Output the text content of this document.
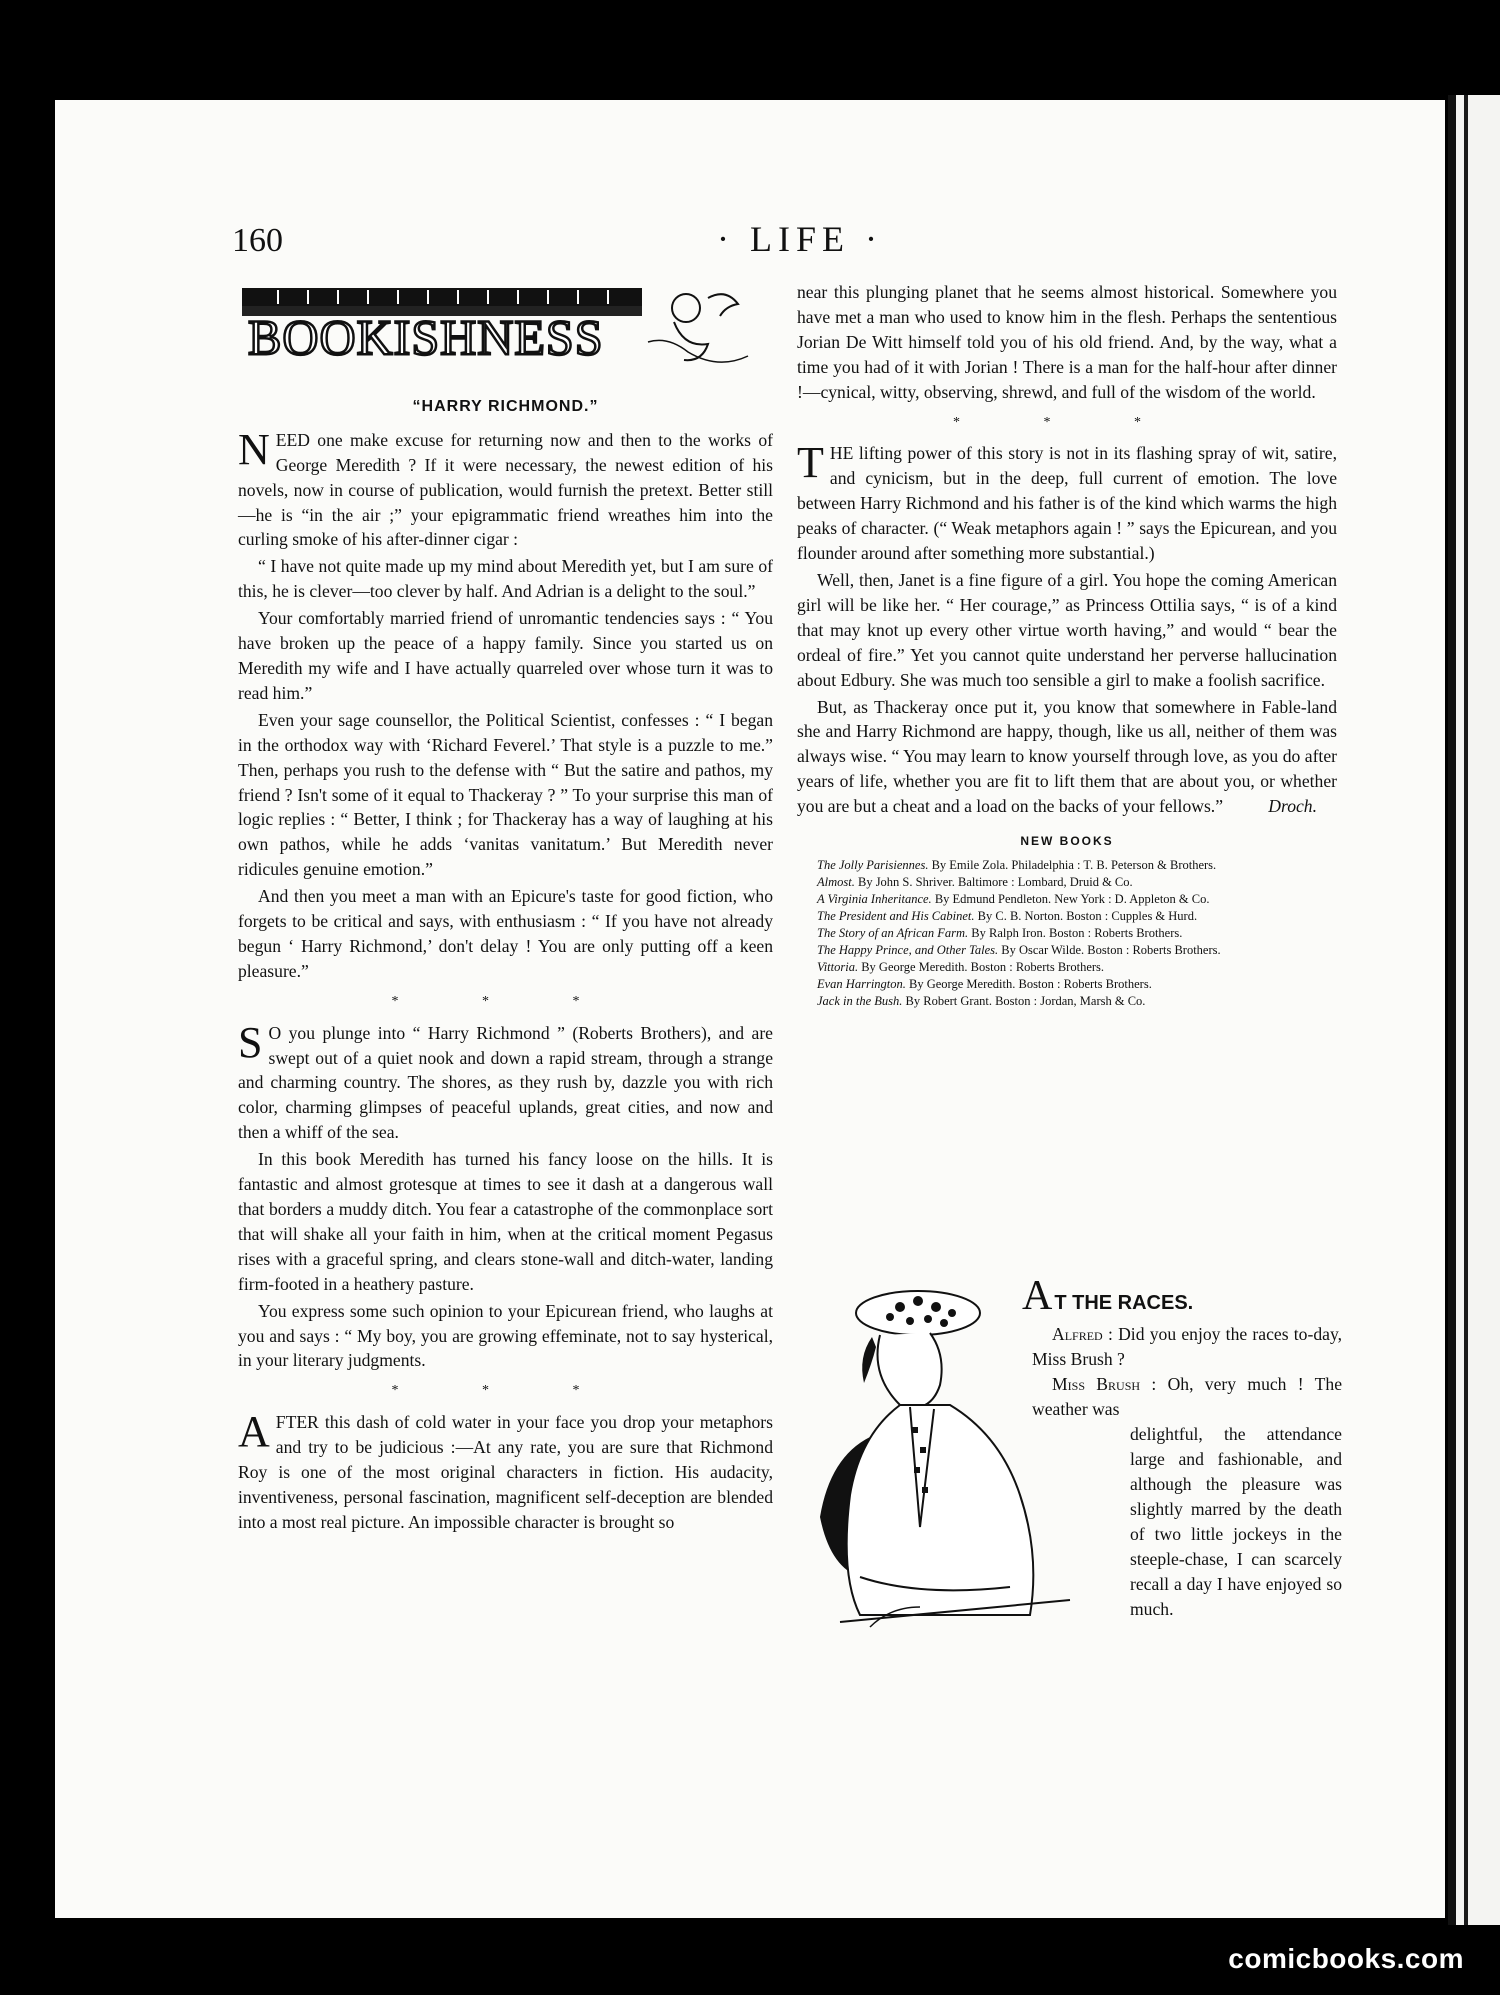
160	· LIFE ·
BOOKISHNESS
“HARRY RICHMOND.”

NEED one make excuse for returning now and then to the works of George Meredith ? If it were necessary, the newest edition of his novels, now in course of publication, would furnish the pretext. Better still—he is “in the air ;” your epigrammatic friend wreathes him into the curling smoke of his after-dinner cigar :

“ I have not quite made up my mind about Meredith yet, but I am sure of this, he is clever—too clever by half. And Adrian is a delight to the soul.”

Your comfortably married friend of unromantic tendencies says : “ You have broken up the peace of a happy family. Since you started us on Meredith my wife and I have actually quarreled over whose turn it was to read him.”

Even your sage counsellor, the Political Scientist, confesses : “ I began in the orthodox way with ‘Richard Feverel.’ That style is a puzzle to me.” Then, perhaps you rush to the defense with “ But the satire and pathos, my friend ? Isn't some of it equal to Thackeray ? ” To your surprise this man of logic replies : “ Better, I think ; for Thackeray has a way of laughing at his own pathos, while he adds ‘vanitas vanitatum.’ But Meredith never ridicules genuine emotion.”

And then you meet a man with an Epicure's taste for good fiction, who forgets to be critical and says, with enthusiasm : “ If you have not already begun ‘ Harry Richmond,’ don't delay ! You are only putting off a keen pleasure.”

* * *

S O you plunge into “ Harry Richmond ” (Roberts Brothers), and are swept out of a quiet nook and down a rapid stream, through a strange and charming country. The shores, as they rush by, dazzle you with rich color, charming glimpses of peaceful uplands, great cities, and now and then a whiff of the sea.

In this book Meredith has turned his fancy loose on the hills. It is fantastic and almost grotesque at times to see it dash at a dangerous wall that borders a muddy ditch. You fear a catastrophe of the commonplace sort that will shake all your faith in him, when at the critical moment Pegasus rises with a graceful spring, and clears stone-wall and ditch-water, landing firm-footed in a heathery pasture.

You express some such opinion to your Epicurean friend, who laughs at you and says : “ My boy, you are growing effeminate, not to say hysterical, in your literary judgments.

* * *

AFTER this dash of cold water in your face you drop your metaphors and try to be judicious :—At any rate, you are sure that Richmond Roy is one of the most original characters in fiction. His audacity, inventiveness, personal fascination, magnificent self-deception are blended into a most real picture. An impossible character is brought so

near this plunging planet that he seems almost historical. Somewhere you have met a man who used to know him in the flesh. Perhaps the sententious Jorian De Witt himself told you of his old friend. And, by the way, what a time you had of it with Jorian ! There is a man for the half-hour after dinner !—cynical, witty, observing, shrewd, and full of the wisdom of the world.

* * *

THE lifting power of this story is not in its flashing spray of wit, satire, and cynicism, but in the deep, full current of emotion. The love between Harry Richmond and his father is of the kind which warms the high peaks of character. (“ Weak metaphors again ! ” says the Epicurean, and you flounder around after something more substantial.)

Well, then, Janet is a fine figure of a girl. You hope the coming American girl will be like her. “ Her courage,” as Princess Ottilia says, “ is of a kind that may knot up every other virtue worth having,” and would “ bear the ordeal of fire.” Yet you cannot quite understand her perverse hallucination about Edbury. She was much too sensible a girl to make a foolish sacrifice.

But, as Thackeray once put it, you know that somewhere in Fable-land she and Harry Richmond are happy, though, like us all, neither of them was always wise. “ You may learn to know yourself through love, as you do after years of life, whether you are fit to lift them that are about you, or whether you are but a cheat and a load on the backs of your fellows.”	Droch.

NEW BOOKS

The Jolly Parisiennes. By Emile Zola. Philadelphia : T. B. Peterson & Brothers.

Almost. By John S. Shriver. Baltimore : Lombard, Druid & Co.

A Virginia Inheritance. By Edmund Pendleton. New York : D. Appleton & Co.

The President and His Cabinet. By C. B. Norton. Boston : Cupples & Hurd.

The Story of an African Farm. By Ralph Iron. Boston : Roberts Brothers.

The Happy Prince, and Other Tales. By Oscar Wilde. Boston : Roberts Brothers.

Vittoria. By George Meredith. Boston : Roberts Brothers.

Evan Harrington. By George Meredith. Boston : Roberts Brothers.

Jack in the Bush. By Robert Grant. Boston : Jordan, Marsh & Co.

A T THE RACES.

Alfred : Did you enjoy the races to-day, Miss Brush ?

Miss Brush : Oh, very much ! The weather was

delightful, the attendance large and fashionable, and although the pleasure was slightly marred by the death of two little jockeys in the steeple-chase, I can scarcely recall a day I have enjoyed so much.
comicbooks.com
